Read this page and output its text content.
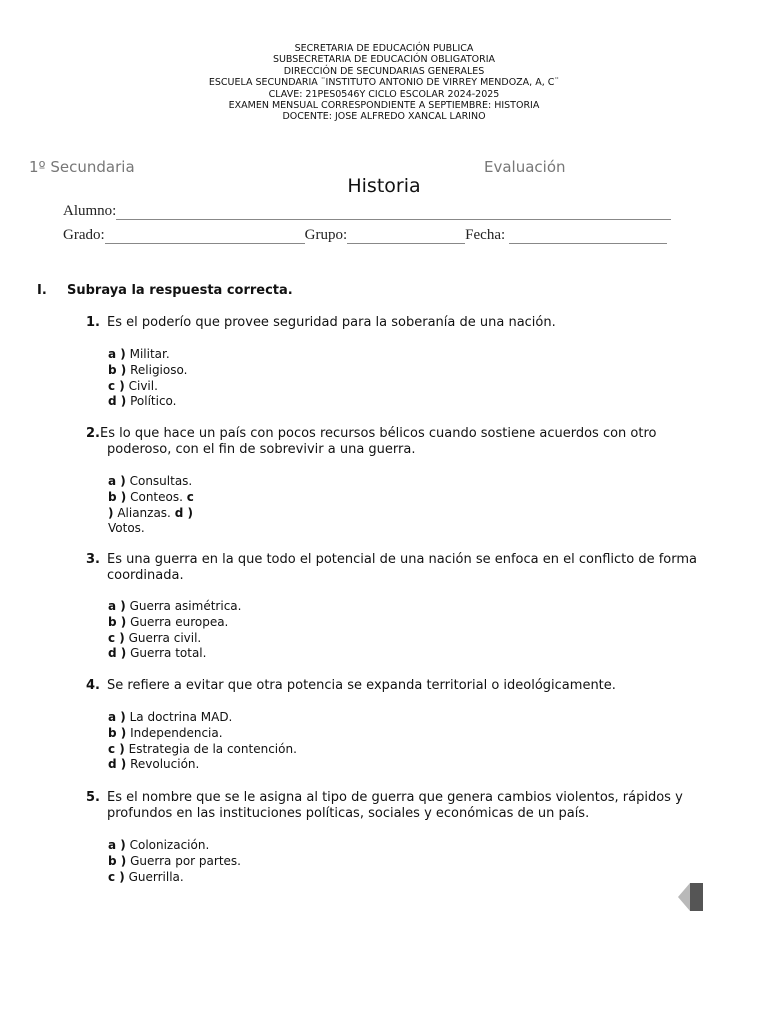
SECRETARIA DE EDUCACIÓN PUBLICA
SUBSECRETARIA DE EDUCACIÓN OBLIGATORIA
DIRECCIÓN DE SECUNDARIAS GENERALES
ESCUELA SECUNDARIA ¨INSTITUTO ANTONIO DE VIRREY MENDOZA, A, C¨
CLAVE: 21PES0546Y CICLO ESCOLAR 2024-2025
EXAMEN MENSUAL CORRESPONDIENTE A SEPTIEMBRE: HISTORIA
DOCENTE: JOSE ALFREDO XANCAL LARINO
1º Secundaria	Evaluación
Historia
Alumno:
Grado:	Grupo:	Fecha:
I. Subraya la respuesta correcta.
1. Es el poderío que provee seguridad para la soberanía de una nación.
a ) Militar.
b ) Religioso.
c ) Civil.
d ) Político.
2.Es lo que hace un país con pocos recursos bélicos cuando sostiene acuerdos con otro
poderoso, con el fin de sobrevivir a una guerra.
a ) Consultas.
b ) Conteos. c
) Alianzas. d )
Votos.
3. Es una guerra en la que todo el potencial de una nación se enfoca en el conflicto de forma
coordinada.
a ) Guerra asimétrica.
b ) Guerra europea.
c ) Guerra civil.
d ) Guerra total.
4. Se refiere a evitar que otra potencia se expanda territorial o ideológicamente.
a ) La doctrina MAD.
b ) Independencia.
c ) Estrategia de la contención.
d ) Revolución.
5. Es el nombre que se le asigna al tipo de guerra que genera cambios violentos, rápidos y
profundos en las instituciones políticas, sociales y económicas de un país.
a ) Colonización.
b ) Guerra por partes.
c ) Guerrilla.
